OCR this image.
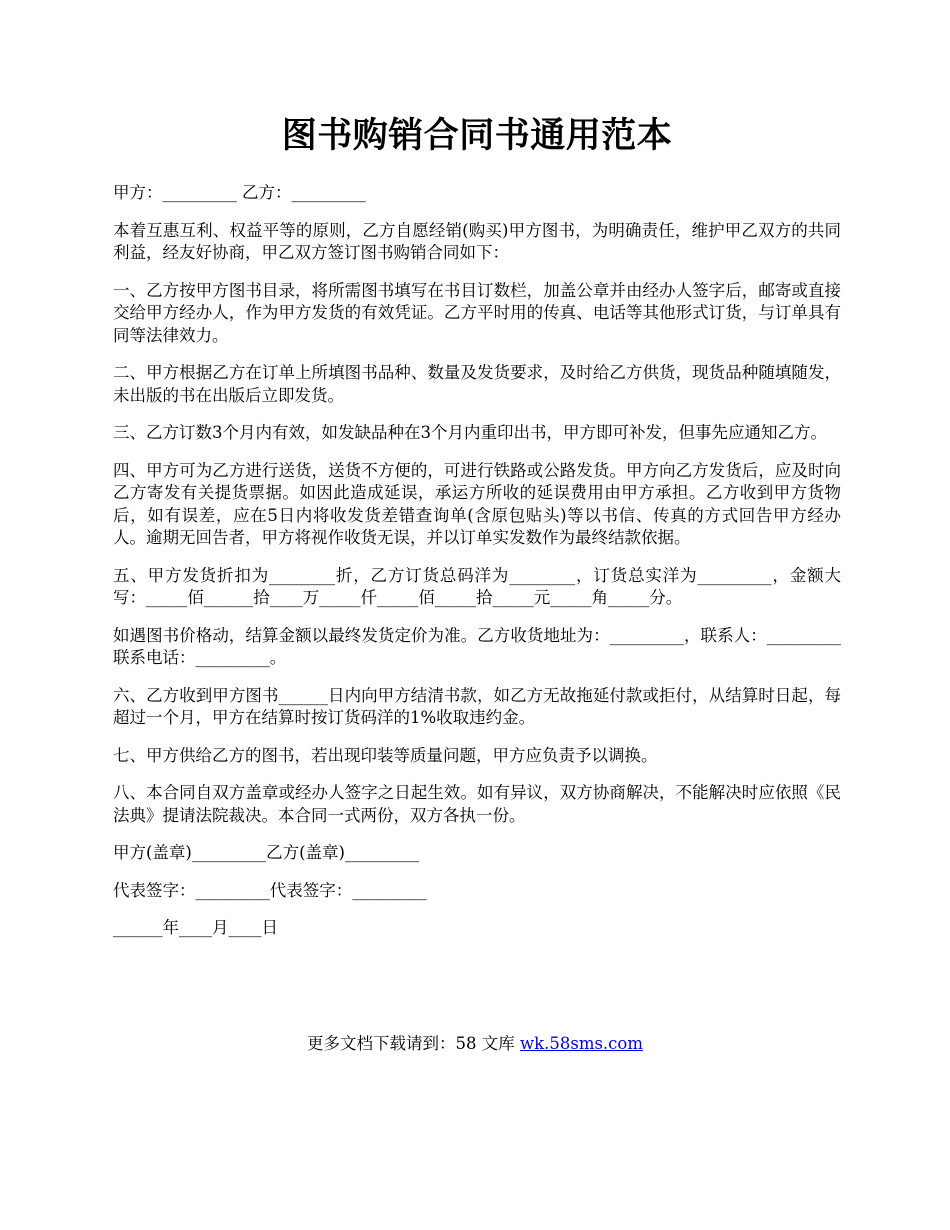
图书购销合同书通用范本

甲方：_________ 乙方：_________

本着互惠互利、权益平等的原则，乙方自愿经销(购买)甲方图书，为明确责任，维护甲乙双方的共同利益，经友好协商，甲乙双方签订图书购销合同如下：

一、乙方按甲方图书目录，将所需图书填写在书目订数栏，加盖公章并由经办人签字后，邮寄或直接交给甲方经办人，作为甲方发货的有效凭证。乙方平时用的传真、电话等其他形式订货，与订单具有同等法律效力。

二、甲方根据乙方在订单上所填图书品种、数量及发货要求，及时给乙方供货，现货品种随填随发，未出版的书在出版后立即发货。

三、乙方订数3个月内有效，如发缺品种在3个月内重印出书，甲方即可补发，但事先应通知乙方。

四、甲方可为乙方进行送货，送货不方便的，可进行铁路或公路发货。甲方向乙方发货后，应及时向乙方寄发有关提货票据。如因此造成延误，承运方所收的延误费用由甲方承担。乙方收到甲方货物后，如有误差，应在5日内将收发货差错查询单(含原包贴头)等以书信、传真的方式回告甲方经办人。逾期无回告者，甲方将视作收货无误，并以订单实发数作为最终结款依据。

五、甲方发货折扣为________折，乙方订货总码洋为________，订货总实洋为_________，金额大写：_____佰______拾____万_____仟_____佰_____拾_____元_____角_____分。

如遇图书价格动，结算金额以最终发货定价为准。乙方收货地址为：_________，联系人：_________联系电话：_________。

六、乙方收到甲方图书______日内向甲方结清书款，如乙方无故拖延付款或拒付，从结算时日起，每超过一个月，甲方在结算时按订货码洋的1%收取违约金。

七、甲方供给乙方的图书，若出现印装等质量问题，甲方应负责予以调换。

八、本合同自双方盖章或经办人签字之日起生效。如有异议，双方协商解决，不能解决时应依照《民法典》提请法院裁决。本合同一式两份，双方各执一份。

甲方(盖章)_________乙方(盖章)_________

代表签字：_________代表签字：_________

______年____月____日

更多文档下载请到：58 文库 wk.58sms.com
